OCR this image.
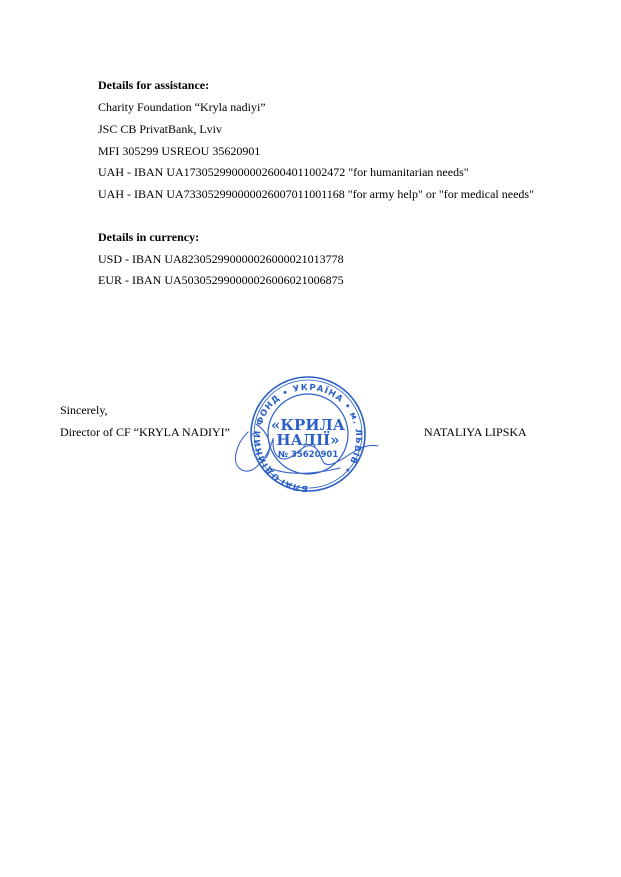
Details for assistance:
Charity Foundation “Kryla nadiyi”
JSC CB PrivatBank, Lviv
MFI 305299 USREOU 35620901
UAH - IBAN UA173052990000026004011002472 "for humanitarian needs"
UAH - IBAN UA733052990000026007011001168 "for army help" or "for medical needs"
Details in currency:
USD - IBAN UA823052990000026000021013778
EUR - IBAN UA503052990000026006021006875
Sincerely,
Director of CF “KRYLA NADIYI”	NATALIYA LIPSKA
БЛАГОДІЙНИЙ ФОНД • УКРАЇНА • м. ЛЬВІВ •
«КРИЛА
НАДІЇ»
№ 35620901
